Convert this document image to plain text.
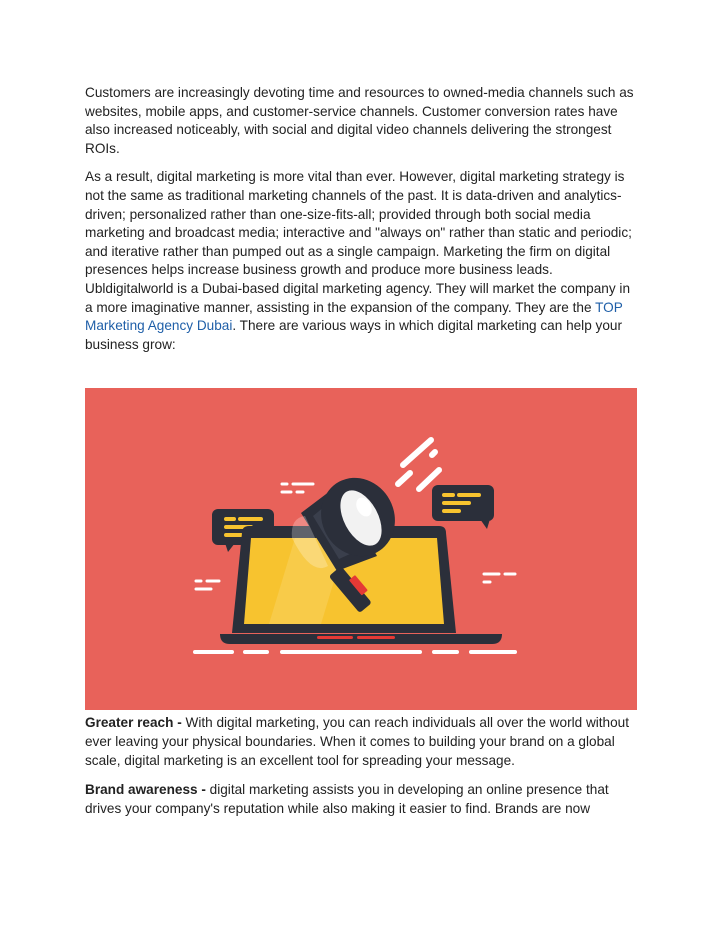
Customers are increasingly devoting time and resources to owned-media channels such as websites, mobile apps, and customer-service channels. Customer conversion rates have also increased noticeably, with social and digital video channels delivering the strongest ROIs.

As a result, digital marketing is more vital than ever. However, digital marketing strategy is not the same as traditional marketing channels of the past. It is data-driven and analytics-driven; personalized rather than one-size-fits-all; provided through both social media marketing and broadcast media; interactive and "always on" rather than static and periodic; and iterative rather than pumped out as a single campaign. Marketing the firm on digital presences helps increase business growth and produce more business leads. Ubldigitalworld is a Dubai-based digital marketing agency. They will market the company in a more imaginative manner, assisting in the expansion of the company. They are the TOP Marketing Agency Dubai. There are various ways in which digital marketing can help your business grow:

Greater reach - With digital marketing, you can reach individuals all over the world without ever leaving your physical boundaries. When it comes to building your brand on a global scale, digital marketing is an excellent tool for spreading your message.

Brand awareness - digital marketing assists you in developing an online presence that drives your company's reputation while also making it easier to find. Brands are now
